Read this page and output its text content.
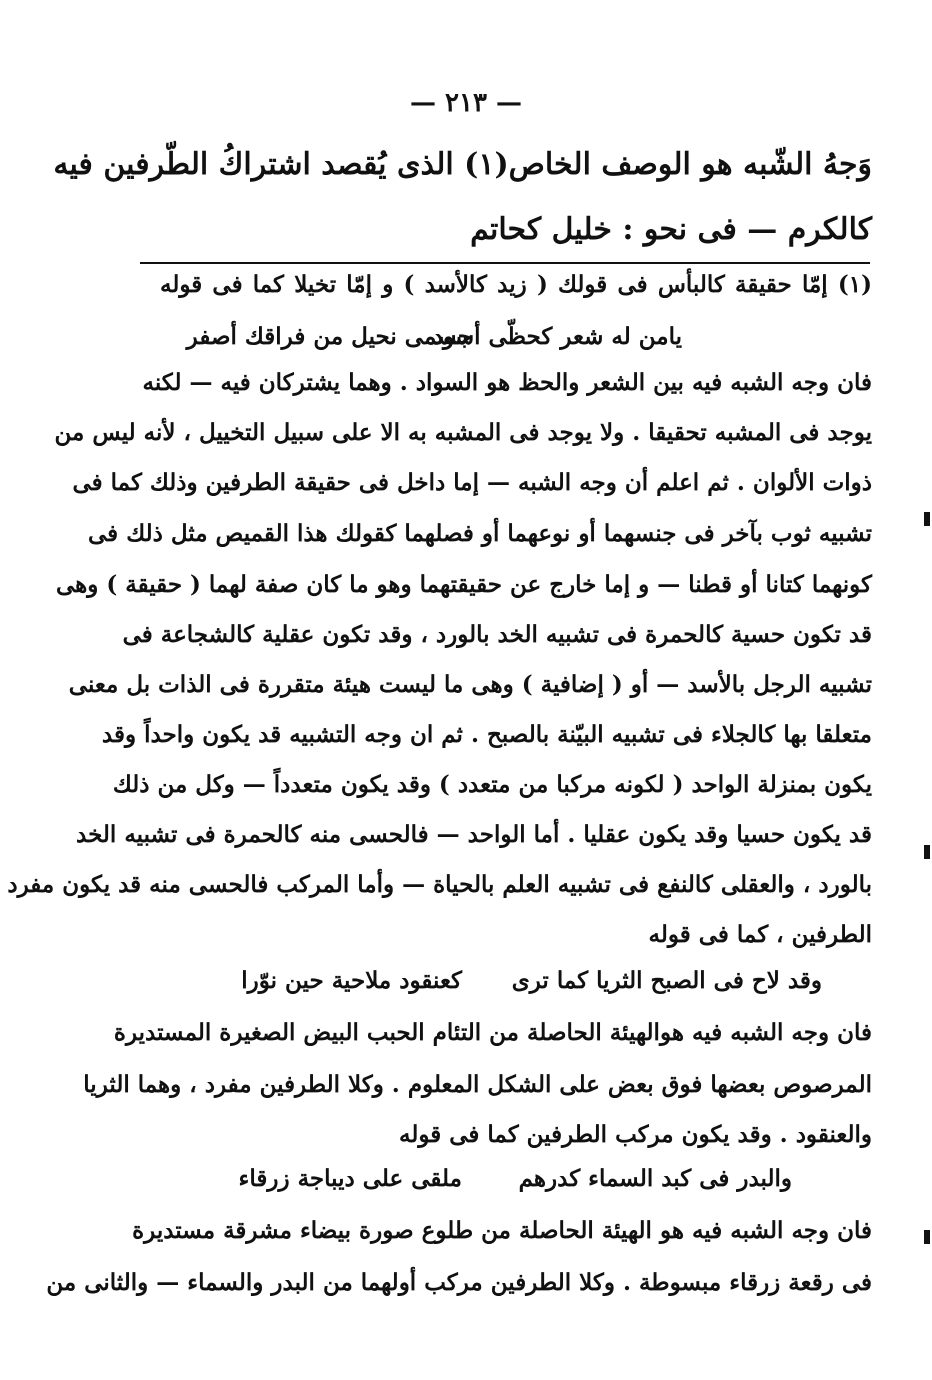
— ٢١٣ —
وَجهُ الشّبه هو الوصف الخاص(١) الذى يُقصد اشتراكُ الطّرفين فيه
كالكرم — فى نحو : خليل كحاتم
(١) إمّا حقيقة كالبأس فى قولك ( زيد كالأسد ) و إمّا تخيلا كما فى قوله
يامن له شعر كحظّى أسود
جسمى نحيل من فراقك أصفر
فان وجه الشبه فيه بين الشعر والحظ هو السواد . وهما يشتركان فيه — لكنه
يوجد فى المشبه تحقيقا . ولا يوجد فى المشبه به الا على سبيل التخييل ، لأنه ليس من
ذوات الألوان . ثم اعلم أن وجه الشبه — إما داخل فى حقيقة الطرفين وذلك كما فى
تشبيه ثوب بآخر فى جنسهما أو نوعهما أو فصلهما كقولك هذا القميص مثل ذلك فى
كونهما كتانا أو قطنا — و إما خارج عن حقيقتهما وهو ما كان صفة لهما ( حقيقة ) وهى
قد تكون حسية كالحمرة فى تشبيه الخد بالورد ، وقد تكون عقلية كالشجاعة فى
تشبيه الرجل بالأسد — أو ( إضافية ) وهى ما ليست هيئة متقررة فى الذات بل معنى
متعلقا بها كالجلاء فى تشبيه البيّنة بالصبح . ثم ان وجه التشبيه قد يكون واحداً وقد
يكون بمنزلة الواحد ( لكونه مركبا من متعدد ) وقد يكون متعدداً — وكل من ذلك
قد يكون حسيا وقد يكون عقليا . أما الواحد — فالحسى منه كالحمرة فى تشبيه الخد
بالورد ، والعقلى كالنفع فى تشبيه العلم بالحياة — وأما المركب فالحسى منه قد يكون مفرد
الطرفين ، كما فى قوله
وقد لاح فى الصبح الثريا كما ترى
كعنقود ملاحية حين نوّرا
فان وجه الشبه فيه هوالهيئة الحاصلة من التئام الحبب البيض الصغيرة المستديرة
المرصوص بعضها فوق بعض على الشكل المعلوم . وكلا الطرفين مفرد ، وهما الثريا
والعنقود . وقد يكون مركب الطرفين كما فى قوله
والبدر فى كبد السماء كدرهم
ملقى على ديباجة زرقاء
فان وجه الشبه فيه هو الهيئة الحاصلة من طلوع صورة بيضاء مشرقة مستديرة
فى رقعة زرقاء مبسوطة . وكلا الطرفين مركب أولهما من البدر والسماء — والثانى من
